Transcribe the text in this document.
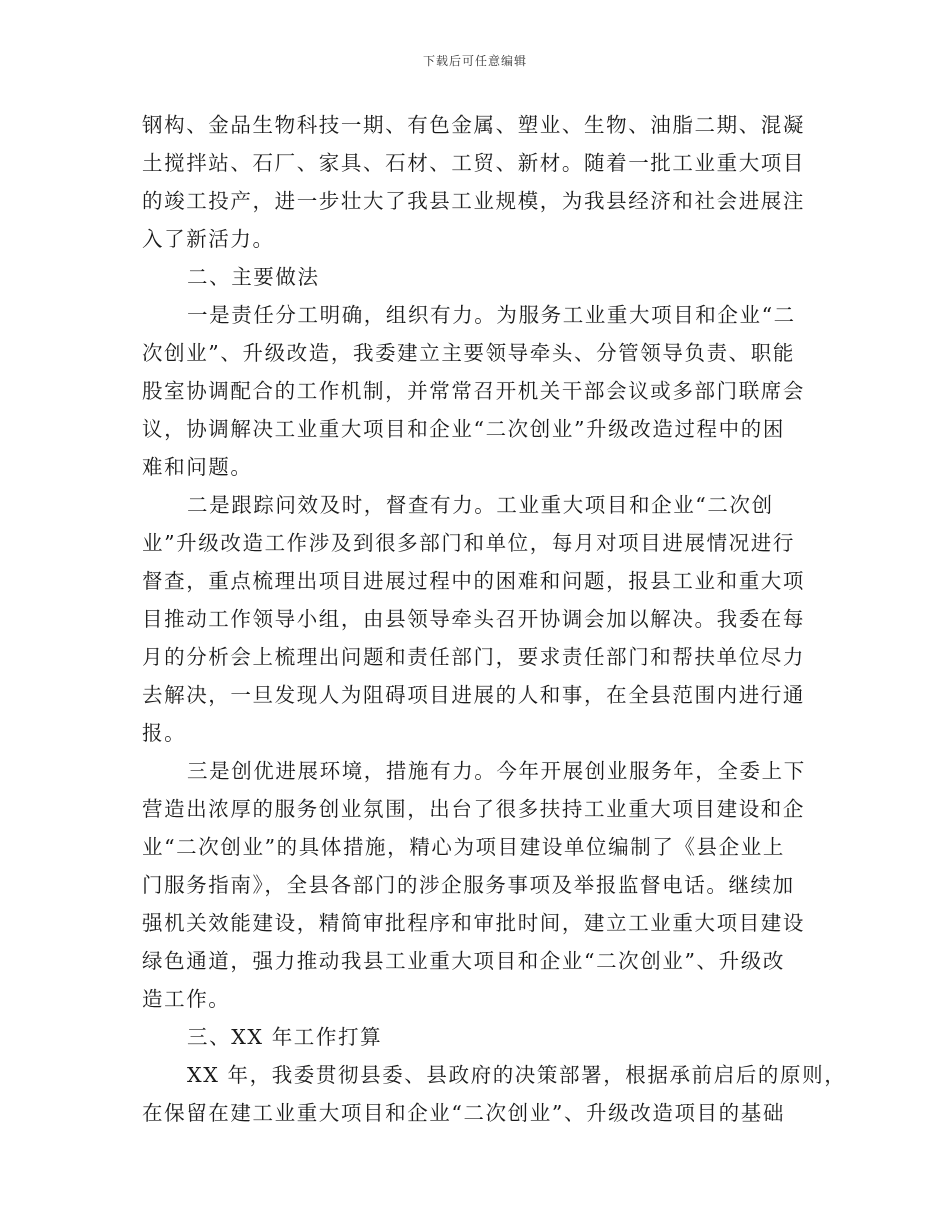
下载后可任意编辑
钢构、金品生物科技一期、有色金属、塑业、生物、油脂二期、混凝
土搅拌站、石厂、家具、石材、工贸、新材。随着一批工业重大项目
的竣工投产，进一步壮大了我县工业规模，为我县经济和社会进展注
入了新活力。
二、主要做法
一是责任分工明确，组织有力。为服务工业重大项目和企业“二
次创业”、升级改造，我委建立主要领导牵头、分管领导负责、职能
股室协调配合的工作机制，并常常召开机关干部会议或多部门联席会
议，协调解决工业重大项目和企业“二次创业”升级改造过程中的困
难和问题。
二是跟踪问效及时，督查有力。工业重大项目和企业“二次创
业”升级改造工作涉及到很多部门和单位，每月对项目进展情况进行
督查，重点梳理出项目进展过程中的困难和问题，报县工业和重大项
目推动工作领导小组，由县领导牵头召开协调会加以解决。我委在每
月的分析会上梳理出问题和责任部门，要求责任部门和帮扶单位尽力
去解决，一旦发现人为阻碍项目进展的人和事，在全县范围内进行通
报。
三是创优进展环境，措施有力。今年开展创业服务年，全委上下
营造出浓厚的服务创业氛围，出台了很多扶持工业重大项目建设和企
业“二次创业”的具体措施，精心为项目建设单位编制了《县企业上
门服务指南》，全县各部门的涉企服务事项及举报监督电话。继续加
强机关效能建设，精简审批程序和审批时间，建立工业重大项目建设
绿色通道，强力推动我县工业重大项目和企业“二次创业”、升级改
造工作。
三、XX 年工作打算
XX 年，我委贯彻县委、县政府的决策部署，根据承前启后的原则，
在保留在建工业重大项目和企业“二次创业”、升级改造项目的基础
